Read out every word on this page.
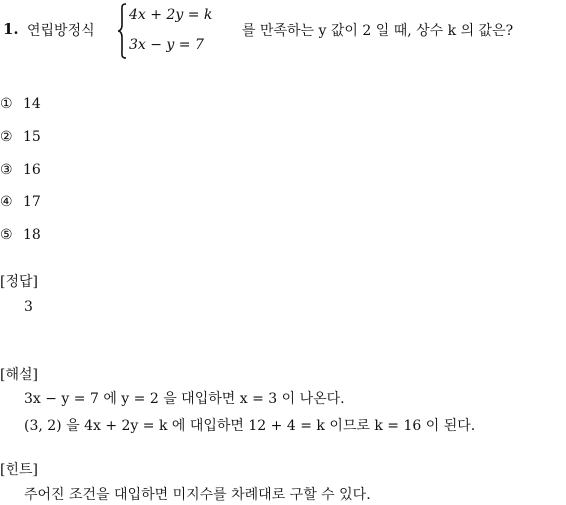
1. 연립방정식
4x + 2y = k
3x − y = 7
를 만족하는 y 값이 2 일 때, 상수 k 의 값은?
① 14
② 15
③ 16
④ 17
⑤ 18
[정답]
3
[해설]
3x − y = 7 에 y = 2 을 대입하면 x = 3 이 나온다.
(3, 2) 을 4x + 2y = k 에 대입하면 12 + 4 = k 이므로 k = 16 이 된다.
[힌트]
주어진 조건을 대입하면 미지수를 차례대로 구할 수 있다.
